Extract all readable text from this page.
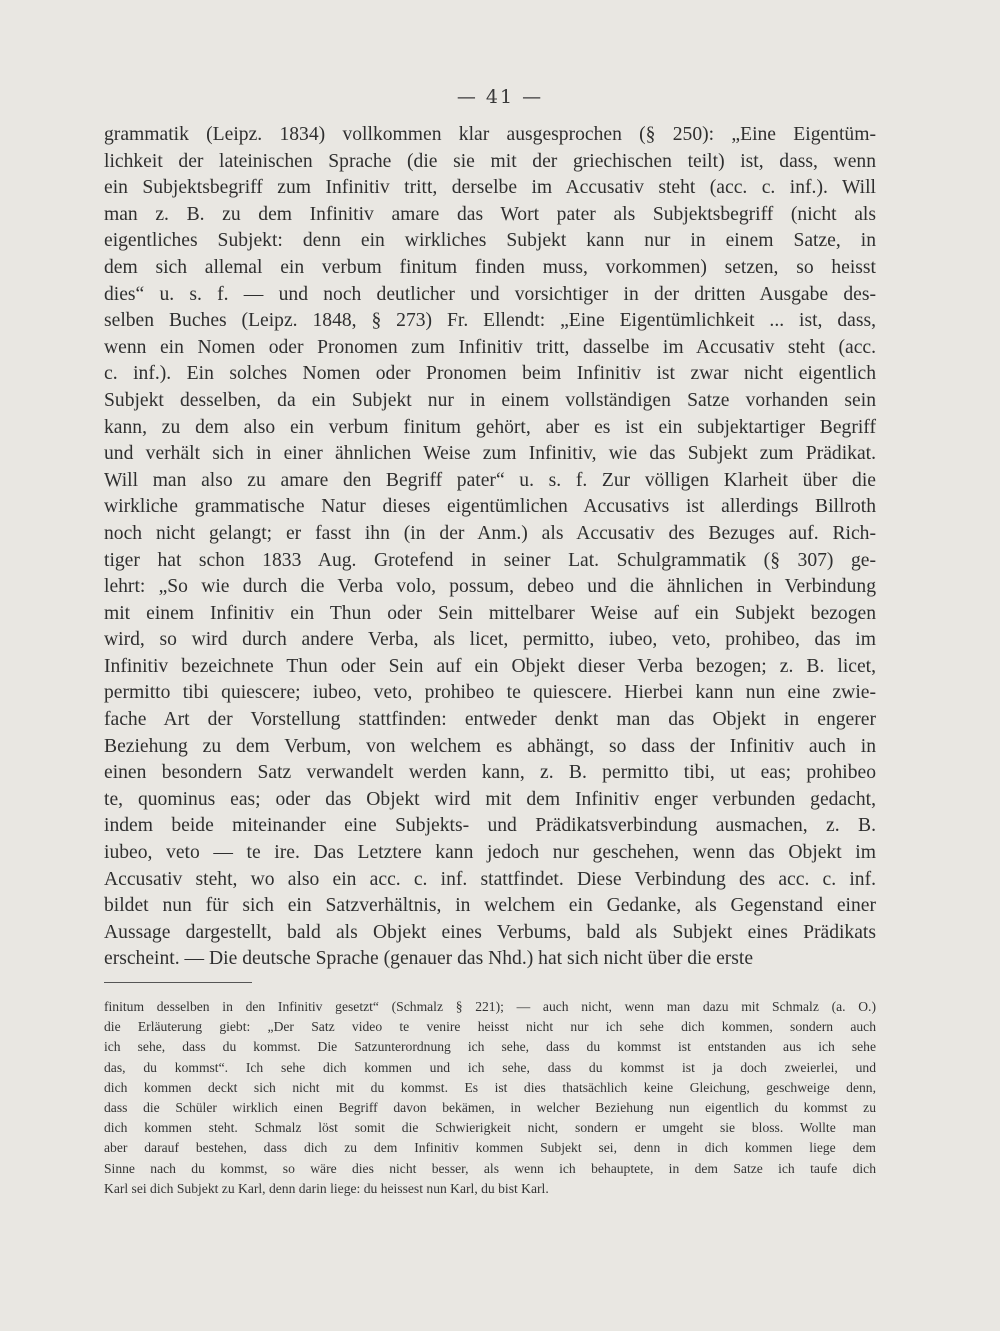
— 41 —
grammatik (Leipz. 1834) vollkommen klar ausgesprochen (§ 250): „Eine Eigentüm-
lichkeit der lateinischen Sprache (die sie mit der griechischen teilt) ist, dass, wenn
ein Subjektsbegriff zum Infinitiv tritt, derselbe im Accusativ steht (acc. c. inf.). Will
man z. B. zu dem Infinitiv amare das Wort pater als Subjektsbegriff (nicht als
eigentliches Subjekt: denn ein wirkliches Subjekt kann nur in einem Satze, in
dem sich allemal ein verbum finitum finden muss, vorkommen) setzen, so heisst
dies“ u. s. f. — und noch deutlicher und vorsichtiger in der dritten Ausgabe des-
selben Buches (Leipz. 1848, § 273) Fr. Ellendt: „Eine Eigentümlichkeit ... ist, dass,
wenn ein Nomen oder Pronomen zum Infinitiv tritt, dasselbe im Accusativ steht (acc.
c. inf.). Ein solches Nomen oder Pronomen beim Infinitiv ist zwar nicht eigentlich
Subjekt desselben, da ein Subjekt nur in einem vollständigen Satze vorhanden sein
kann, zu dem also ein verbum finitum gehört, aber es ist ein subjektartiger Begriff
und verhält sich in einer ähnlichen Weise zum Infinitiv, wie das Subjekt zum Prädikat.
Will man also zu amare den Begriff pater“ u. s. f. Zur völligen Klarheit über die
wirkliche grammatische Natur dieses eigentümlichen Accusativs ist allerdings Billroth
noch nicht gelangt; er fasst ihn (in der Anm.) als Accusativ des Bezuges auf. Rich-
tiger hat schon 1833 Aug. Grotefend in seiner Lat. Schulgrammatik (§ 307) ge-
lehrt: „So wie durch die Verba volo, possum, debeo und die ähnlichen in Verbindung
mit einem Infinitiv ein Thun oder Sein mittelbarer Weise auf ein Subjekt bezogen
wird, so wird durch andere Verba, als licet, permitto, iubeo, veto, prohibeo, das im
Infinitiv bezeichnete Thun oder Sein auf ein Objekt dieser Verba bezogen; z. B. licet,
permitto tibi quiescere; iubeo, veto, prohibeo te quiescere. Hierbei kann nun eine zwie-
fache Art der Vorstellung stattfinden: entweder denkt man das Objekt in engerer
Beziehung zu dem Verbum, von welchem es abhängt, so dass der Infinitiv auch in
einen besondern Satz verwandelt werden kann, z. B. permitto tibi, ut eas; prohibeo
te, quominus eas; oder das Objekt wird mit dem Infinitiv enger verbunden gedacht,
indem beide miteinander eine Subjekts- und Prädikatsverbindung ausmachen, z. B.
iubeo, veto — te ire. Das Letztere kann jedoch nur geschehen, wenn das Objekt im
Accusativ steht, wo also ein acc. c. inf. stattfindet. Diese Verbindung des acc. c. inf.
bildet nun für sich ein Satzverhältnis, in welchem ein Gedanke, als Gegenstand einer
Aussage dargestellt, bald als Objekt eines Verbums, bald als Subjekt eines Prädikats
erscheint. — Die deutsche Sprache (genauer das Nhd.) hat sich nicht über die erste
finitum desselben in den Infinitiv gesetzt“ (Schmalz § 221); — auch nicht, wenn man dazu mit Schmalz (a. O.)
die Erläuterung giebt: „Der Satz video te venire heisst nicht nur ich sehe dich kommen, sondern auch
ich sehe, dass du kommst. Die Satzunterordnung ich sehe, dass du kommst ist entstanden aus ich sehe
das, du kommst“. Ich sehe dich kommen und ich sehe, dass du kommst ist ja doch zweierlei, und
dich kommen deckt sich nicht mit du kommst. Es ist dies thatsächlich keine Gleichung, geschweige denn,
dass die Schüler wirklich einen Begriff davon bekämen, in welcher Beziehung nun eigentlich du kommst zu
dich kommen steht. Schmalz löst somit die Schwierigkeit nicht, sondern er umgeht sie bloss. Wollte man
aber darauf bestehen, dass dich zu dem Infinitiv kommen Subjekt sei, denn in dich kommen liege dem
Sinne nach du kommst, so wäre dies nicht besser, als wenn ich behauptete, in dem Satze ich taufe dich
Karl sei dich Subjekt zu Karl, denn darin liege: du heissest nun Karl, du bist Karl.
